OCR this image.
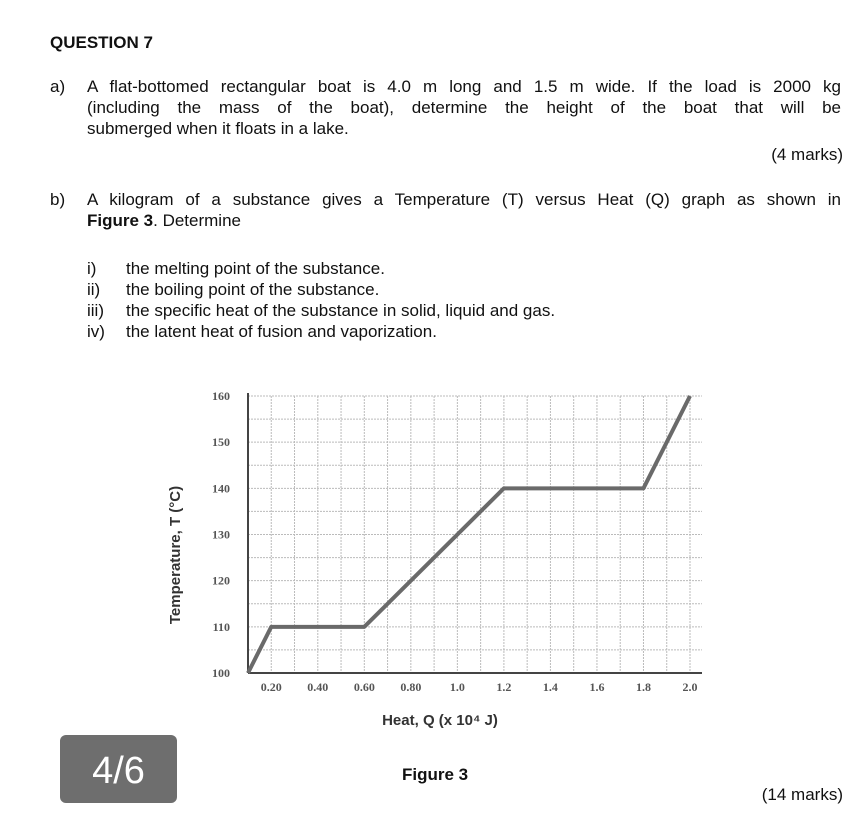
QUESTION 7
a) A flat-bottomed rectangular boat is 4.0 m long and 1.5 m wide. If the load is 2000 kg
(including the mass of the boat), determine the height of the boat that will be
submerged when it floats in a lake.
(4 marks)
b) A kilogram of a substance gives a Temperature (T) versus Heat (Q) graph as shown in
Figure 3. Determine
i) the melting point of the substance.
ii) the boiling point of the substance.
iii) the specific heat of the substance in solid, liquid and gas.
iv) the latent heat of fusion and vaporization.
0.20 0.40 0.60 0.80 1.0	1.2	1.4	1.6	1.8	2.0
100
110
120
130
140
150
160
Heat, Q (x 10⁴ J)
Temperature, T (°C)
4/6	Figure 3
(14 marks)
